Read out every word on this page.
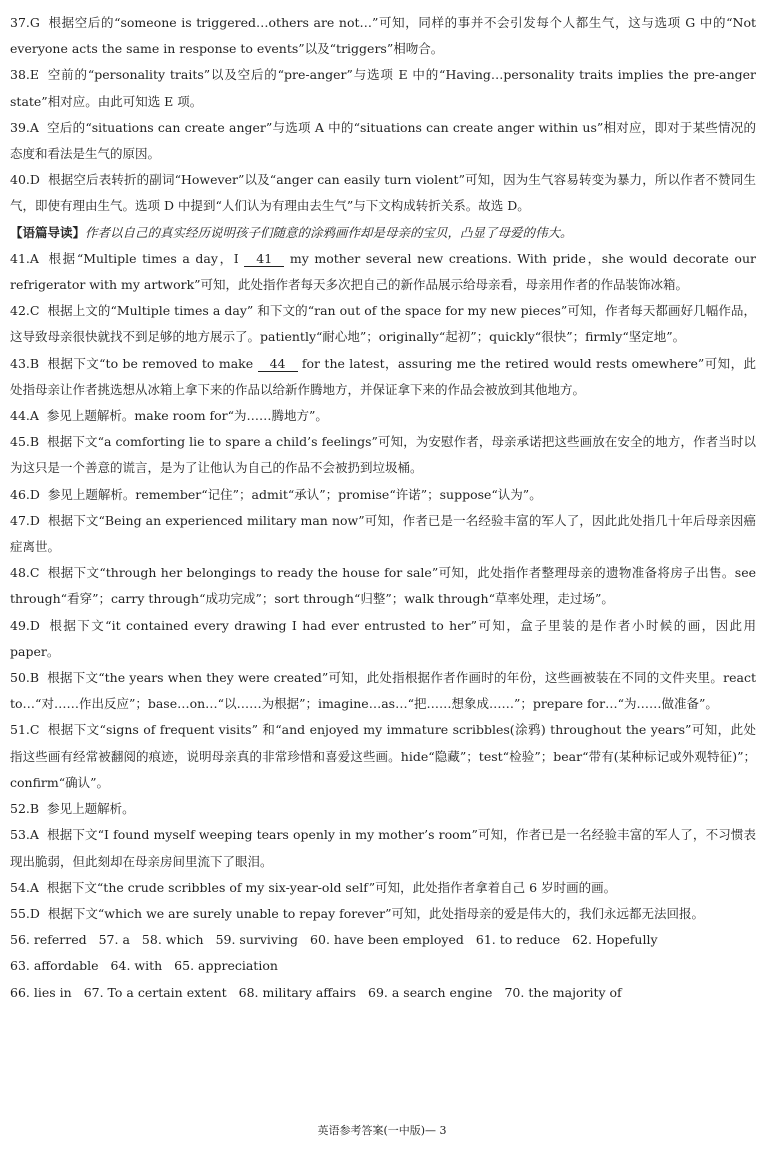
37.G 根据空后的“someone is triggered…others are not…”可知，同样的事并不会引发每个人都生气，这与选项 G 中的“Not everyone acts the same in response to events”以及“triggers”相吻合。

38.E 空前的“personality traits”以及空后的“pre-anger”与选项 E 中的“Having…personality traits implies the pre-anger state”相对应。由此可知选 E 项。

39.A 空后的“situations can create anger”与选项 A 中的“situations can create anger within us”相对应，即对于某些情况的态度和看法是生气的原因。

40.D 根据空后表转折的副词“However”以及“anger can easily turn violent”可知，因为生气容易转变为暴力，所以作者不赞同生气，即使有理由生气。选项 D 中提到“人们认为有理由去生气”与下文构成转折关系。故选 D。

【语篇导读】作者以自己的真实经历说明孩子们随意的涂鸦画作却是母亲的宝贝，凸显了母爱的伟大。

41.A 根据“Multiple times a day，I 41 my mother several new creations. With pride，she would decorate our refrigerator with my artwork”可知，此处指作者每天多次把自己的新作品展示给母亲看，母亲用作者的作品装饰冰箱。

42.C 根据上文的“Multiple times a day” 和下文的“ran out of the space for my new pieces”可知，作者每天都画好几幅作品，这导致母亲很快就找不到足够的地方展示了。patiently“耐心地”；originally“起初”；quickly“很快”；firmly“坚定地”。

43.B 根据下文“to be removed to make 44 for the latest，assuring me the retired would rests omewhere”可知，此处指母亲让作者挑选想从冰箱上拿下来的作品以给新作腾地方，并保证拿下来的作品会被放到其他地方。

44.A 参见上题解析。make room for“为……腾地方”。

45.B 根据下文“a comforting lie to spare a child’s feelings”可知，为安慰作者，母亲承诺把这些画放在安全的地方，作者当时以为这只是一个善意的谎言，是为了让他认为自己的作品不会被扔到垃圾桶。

46.D 参见上题解析。remember“记住”；admit“承认”；promise“许诺”；suppose“认为”。

47.D 根据下文“Being an experienced military man now”可知，作者已是一名经验丰富的军人了，因此此处指几十年后母亲因癌症离世。

48.C 根据下文“through her belongings to ready the house for sale”可知，此处指作者整理母亲的遗物准备将房子出售。see through“看穿”；carry through“成功完成”；sort through“归整”；walk through“草率处理，走过场”。

49.D 根据下文“it contained every drawing I had ever entrusted to her”可知，盒子里装的是作者小时候的画，因此用 paper。

50.B 根据下文“the years when they were created”可知，此处指根据作者作画时的年份，这些画被装在不同的文件夹里。react to…“对……作出反应”；base…on…“以……为根据”；imagine…as…“把……想象成……”；prepare for…“为……做准备”。

51.C 根据下文“signs of frequent visits” 和“and enjoyed my immature scribbles(涂鸦) throughout the years”可知，此处指这些画有经常被翻阅的痕迹，说明母亲真的非常珍惜和喜爱这些画。hide“隐藏”；test“检验”；bear“带有(某种标记或外观特征)”；confirm“确认”。

52.B 参见上题解析。

53.A 根据下文“I found myself weeping tears openly in my mother’s room”可知，作者已是一名经验丰富的军人了，不习惯表现出脆弱，但此刻却在母亲房间里流下了眼泪。

54.A 根据下文“the crude scribbles of my six-year-old self”可知，此处指作者拿着自己 6 岁时画的画。

55.D 根据下文“which we are surely unable to repay forever”可知，此处指母亲的爱是伟大的，我们永远都无法回报。

56. referred 57. a 58. which 59. surviving 60. have been employed 61. to reduce 62. Hopefully
63. affordable 64. with 65. appreciation
66. lies in 67. To a certain extent 68. military affairs 69. a search engine 70. the majority of
英语参考答案(一中版)— 3
